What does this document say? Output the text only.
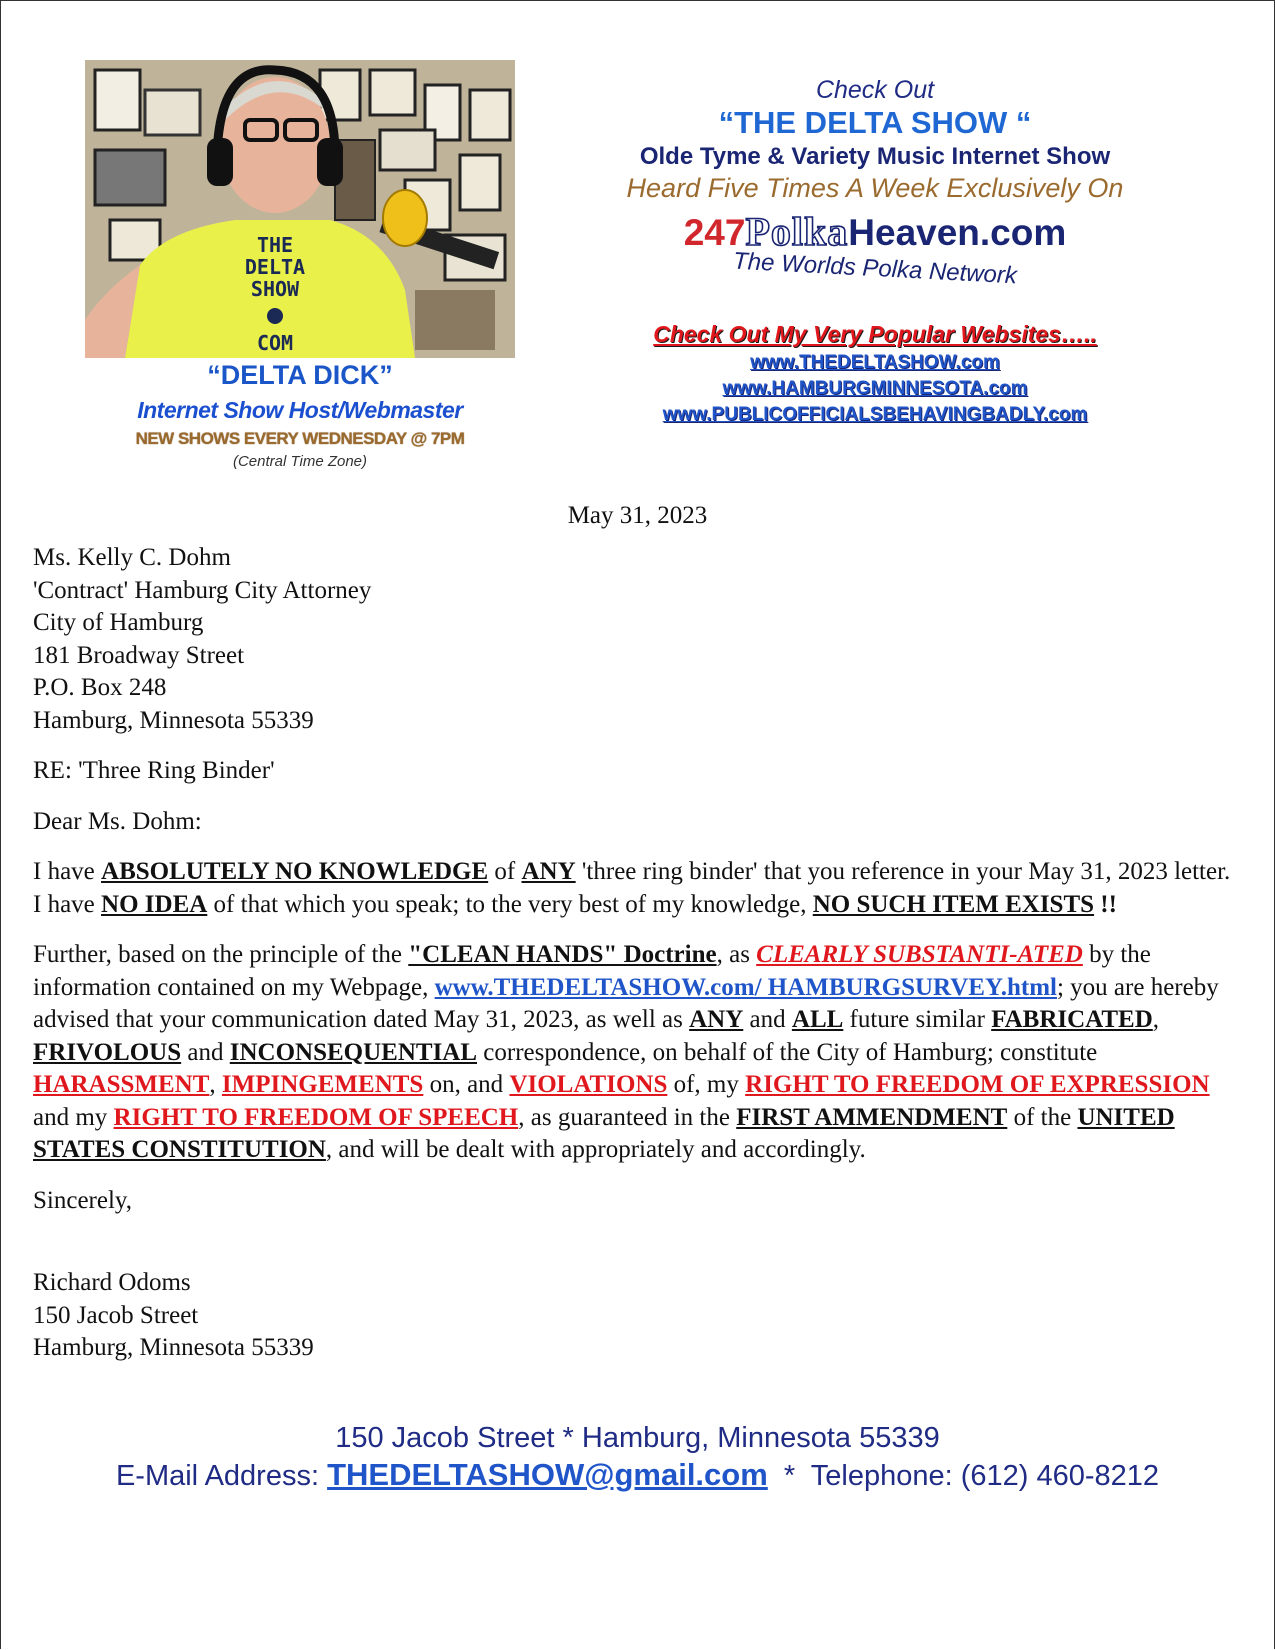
THE
DELTA
SHOW
COM
“DELTA DICK”
Internet Show Host/Webmaster
NEW SHOWS EVERY WEDNESDAY @ 7PM
(Central Time Zone)
Check Out
“THE DELTA SHOW “
Olde Tyme & Variety Music Internet Show
Heard Five Times A Week Exclusively On
247PolkaHeaven.com
The Worlds Polka Network
Check Out My Very Popular Websites…..
www.THEDELTASHOW.com
www.HAMBURGMINNESOTA.com
www.PUBLICOFFICIALSBEHAVINGBADLY.com
May 31, 2023

Ms. Kelly C. Dohm

'Contract' Hamburg City Attorney

City of Hamburg

181 Broadway Street

P.O. Box 248

Hamburg, Minnesota 55339

RE: 'Three Ring Binder'

Dear Ms. Dohm:

I have ABSOLUTELY NO KNOWLEDGE of ANY 'three ring binder' that you reference in your May 31, 2023 letter. I have NO IDEA of that which you speak; to the very best of my knowledge, NO SUCH ITEM EXISTS !!

Further, based on the principle of the "CLEAN HANDS" Doctrine, as CLEARLY SUBSTANTI-ATED by the information contained on my Webpage, www.THEDELTASHOW.com/ HAMBURGSURVEY.html; you are hereby advised that your communication dated May 31, 2023, as well as ANY and ALL future similar FABRICATED, FRIVOLOUS and INCONSEQUENTIAL correspondence, on behalf of the City of Hamburg; constitute HARASSMENT, IMPINGEMENTS on, and VIOLATIONS of, my RIGHT TO FREEDOM OF EXPRESSION and my RIGHT TO FREEDOM OF SPEECH, as guaranteed in the FIRST AMMENDMENT of the UNITED STATES CONSTITUTION, and will be dealt with appropriately and accordingly.

Sincerely,

Richard Odoms

150 Jacob Street

Hamburg, Minnesota 55339

150 Jacob Street * Hamburg, Minnesota 55339
E-Mail Address: THEDELTASHOW@gmail.com  *  Telephone: (612) 460-8212
